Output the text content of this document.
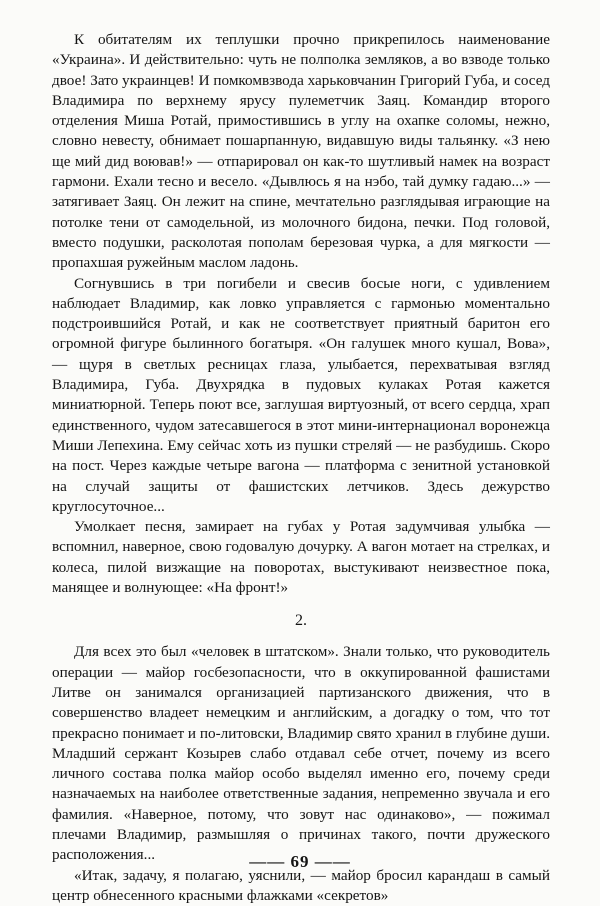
К обитателям их теплушки прочно прикрепилось наименование «Украина». И действительно: чуть не полполка земляков, а во взводе только двое! Зато украинцев! И помкомвзвода харьковчанин Григорий Губа, и сосед Владимира по верхнему ярусу пулеметчик Заяц. Командир второго отделения Миша Ротай, примостившись в углу на охапке соломы, нежно, словно невесту, обнимает пошарпанную, видавшую виды тальянку. «З нею ще мий дид воював!» — отпарировал он как-то шутливый намек на возраст гармони. Ехали тесно и весело. «Дывлюсь я на нэбо, тай думку гадаю...» — затягивает Заяц. Он лежит на спине, мечтательно разглядывая играющие на потолке тени от самодельной, из молочного бидона, печки. Под головой, вместо подушки, расколотая пополам березовая чурка, а для мягкости — пропахшая ружейным маслом ладонь.

Согнувшись в три погибели и свесив босые ноги, с удивлением наблюдает Владимир, как ловко управляется с гармонью моментально подстроившийся Ротай, и как не соответствует приятный баритон его огромной фигуре былинного богатыря. «Он галушек много кушал, Вова», — щуря в светлых ресницах глаза, улыбается, перехватывая взгляд Владимира, Губа. Двухрядка в пудовых кулаках Ротая кажется миниатюрной. Теперь поют все, заглушая виртуозный, от всего сердца, храп единственного, чудом затесавшегося в этот мини-интернационал воронежца Миши Лепехина. Ему сейчас хоть из пушки стреляй — не разбудишь. Скоро на пост. Через каждые четыре вагона — платформа с зенитной установкой на случай защиты от фашистских летчиков. Здесь дежурство круглосуточное...

Умолкает песня, замирает на губах у Ротая задумчивая улыбка — вспомнил, наверное, свою годовалую дочурку. А вагон мотает на стрелках, и колеса, пилой визжащие на поворотах, выстукивают неизвестное пока, манящее и волнующее: «На фронт!»

2.

Для всех это был «человек в штатском». Знали только, что руководитель операции — майор госбезопасности, что в оккупированной фашистами Литве он занимался организацией партизанского движения, что в совершенство владеет немецким и английским, а догадку о том, что тот прекрасно понимает и по-литовски, Владимир свято хранил в глубине души. Младший сержант Козырев слабо отдавал себе отчет, почему из всего личного состава полка майор особо выделял именно его, почему среди назначаемых на наиболее ответственные задания, непременно звучала и его фамилия. «Наверное, потому, что зовут нас одинаково», — пожимал плечами Владимир, размышляя о причинах такого, почти дружеского расположения...

«Итак, задачу, я полагаю, уяснили, — майор бросил карандаш в самый центр обнесенного красными флажками «секретов»

—— 69 ——
